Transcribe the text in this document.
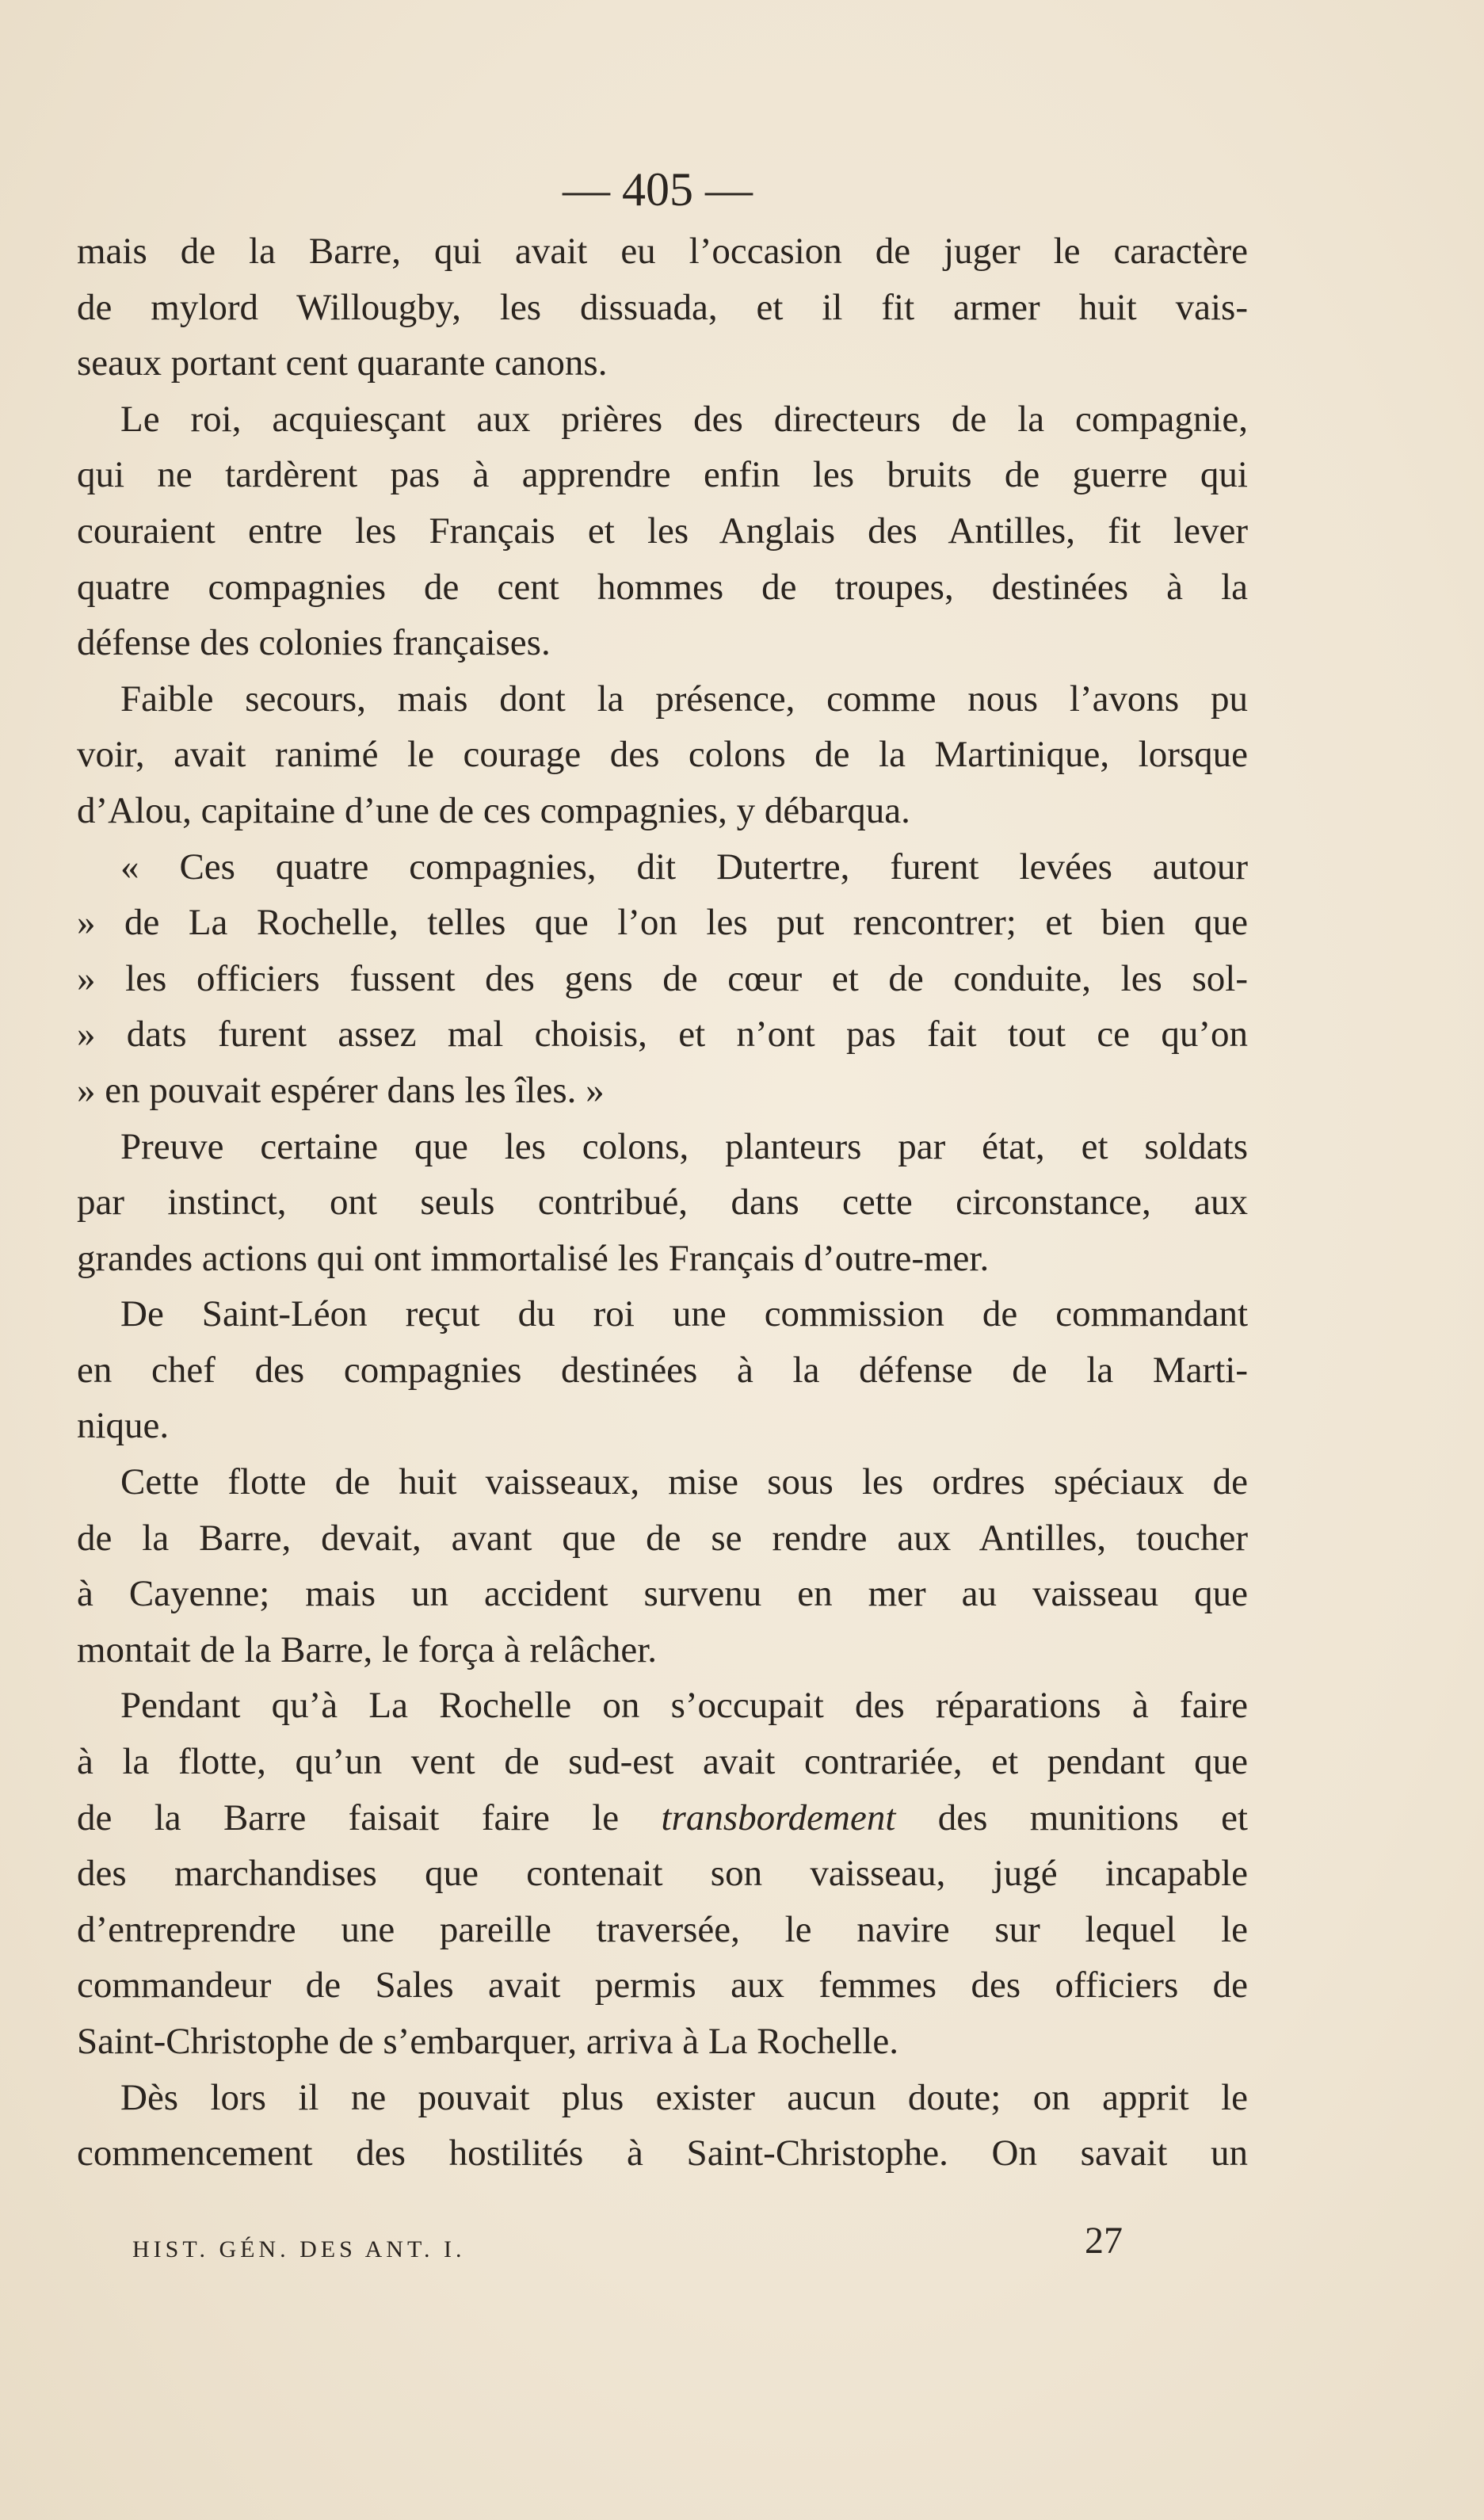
— 405 —
mais de la Barre, qui avait eu l’occasion de juger le caractère
de mylord Willougby, les dissuada, et il fit armer huit vais-
seaux portant cent quarante canons.
Le roi, acquiesçant aux prières des directeurs de la compagnie,
qui ne tardèrent pas à apprendre enfin les bruits de guerre qui
couraient entre les Français et les Anglais des Antilles, fit lever
quatre compagnies de cent hommes de troupes, destinées à la
défense des colonies françaises.
Faible secours, mais dont la présence, comme nous l’avons pu
voir, avait ranimé le courage des colons de la Martinique, lorsque
d’Alou, capitaine d’une de ces compagnies, y débarqua.
« Ces quatre compagnies, dit Dutertre, furent levées autour
» de La Rochelle, telles que l’on les put rencontrer; et bien que
» les officiers fussent des gens de cœur et de conduite, les sol-
» dats furent assez mal choisis, et n’ont pas fait tout ce qu’on
» en pouvait espérer dans les îles. »
Preuve certaine que les colons, planteurs par état, et soldats
par instinct, ont seuls contribué, dans cette circonstance, aux
grandes actions qui ont immortalisé les Français d’outre-mer.
De Saint-Léon reçut du roi une commission de commandant
en chef des compagnies destinées à la défense de la Marti-
nique.
Cette flotte de huit vaisseaux, mise sous les ordres spéciaux de
de la Barre, devait, avant que de se rendre aux Antilles, toucher
à Cayenne; mais un accident survenu en mer au vaisseau que
montait de la Barre, le força à relâcher.
Pendant qu’à La Rochelle on s’occupait des réparations à faire
à la flotte, qu’un vent de sud-est avait contrariée, et pendant que
de la Barre faisait faire le transbordement des munitions et
des marchandises que contenait son vaisseau, jugé incapable
d’entreprendre une pareille traversée, le navire sur lequel le
commandeur de Sales avait permis aux femmes des officiers de
Saint-Christophe de s’embarquer, arriva à La Rochelle.
Dès lors il ne pouvait plus exister aucun doute; on apprit le
commencement des hostilités à Saint-Christophe. On savait un
HIST. GÉN. DES ANT. I.	27
